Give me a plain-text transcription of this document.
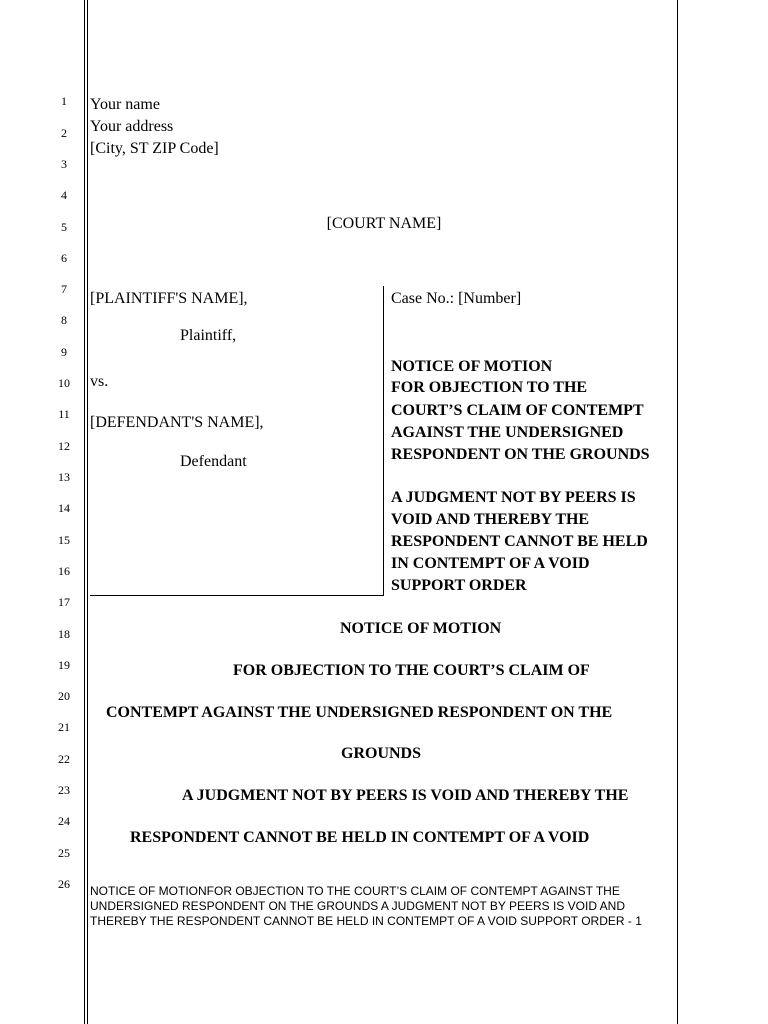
1
2
3
4
5
6
7
8
9
10
11
12
13
14
15
16
17
18
19
20
21
22
23
24
25
26
Your name
Your address
[City, ST ZIP Code]
[COURT NAME]
[PLAINTIFF'S NAME],
Plaintiff,
vs.
[DEFENDANT'S NAME],
Defendant
Case No.: [Number]
NOTICE OF MOTION
FOR OBJECTION TO THE
COURT’S CLAIM OF CONTEMPT
AGAINST THE UNDERSIGNED
RESPONDENT ON THE GROUNDS
A JUDGMENT NOT BY PEERS IS
VOID AND THEREBY THE
RESPONDENT CANNOT BE HELD
IN CONTEMPT OF A VOID
SUPPORT ORDER
NOTICE OF MOTION
FOR OBJECTION TO THE COURT’S CLAIM OF
CONTEMPT AGAINST THE UNDERSIGNED RESPONDENT ON THE
GROUNDS
A JUDGMENT NOT BY PEERS IS VOID AND THEREBY THE
RESPONDENT CANNOT BE HELD IN CONTEMPT OF A VOID
NOTICE OF MOTIONFOR OBJECTION TO THE COURT’S CLAIM OF CONTEMPT AGAINST THE UNDERSIGNED RESPONDENT ON THE GROUNDS A JUDGMENT NOT BY PEERS IS VOID AND THEREBY THE RESPONDENT CANNOT BE HELD IN CONTEMPT OF A VOID SUPPORT ORDER - 1
